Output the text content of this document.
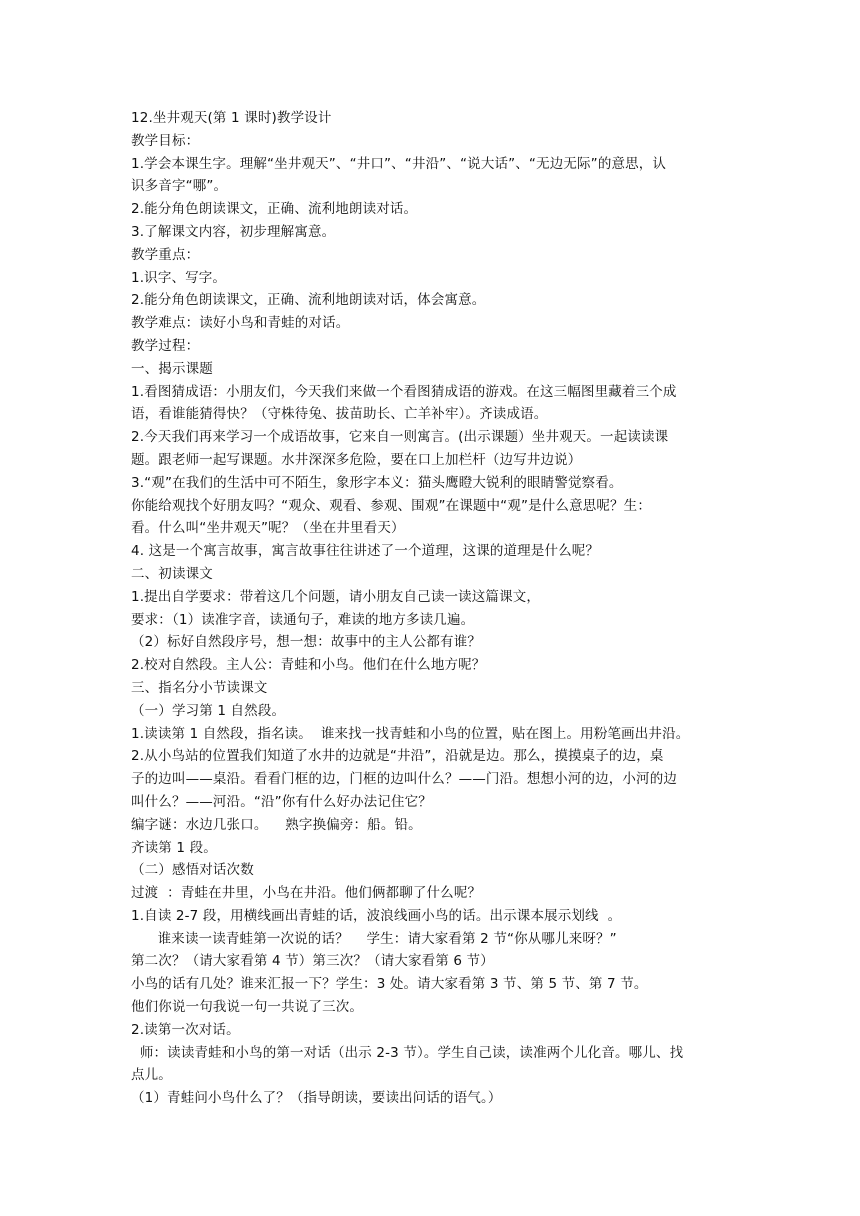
12.坐井观天(第 1 课时)教学设计
教学目标：
1.学会本课生字。理解“坐井观天”、“井口”、“井沿”、“说大话”、“无边无际”的意思，认
识多音字“哪”。
2.能分角色朗读课文，正确、流利地朗读对话。
3.了解课文内容，初步理解寓意。
教学重点：
1.识字、写字。
2.能分角色朗读课文，正确、流利地朗读对话，体会寓意。
教学难点：读好小鸟和青蛙的对话。
教学过程：
一、揭示课题
1.看图猜成语：小朋友们，今天我们来做一个看图猜成语的游戏。在这三幅图里藏着三个成
语，看谁能猜得快？（守株待兔、拔苗助长、亡羊补牢）。齐读成语。
2.今天我们再来学习一个成语故事，它来自一则寓言。(出示课题）坐井观天。一起读读课
题。跟老师一起写课题。水井深深多危险，要在口上加栏杆（边写井边说）
3.“观”在我们的生活中可不陌生，象形字本义：猫头鹰瞪大锐利的眼睛警觉察看。
你能给观找个好朋友吗？“观众、观看、参观、围观”在课题中“观”是什么意思呢？生：
看。什么叫“坐井观天”呢？（坐在井里看天）
4. 这是一个寓言故事，寓言故事往往讲述了一个道理，这课的道理是什么呢？
二、初读课文
1.提出自学要求：带着这几个问题，请小朋友自己读一读这篇课文，
要求：（1）读准字音，读通句子，难读的地方多读几遍。
（2）标好自然段序号，想一想：故事中的主人公都有谁？
2.校对自然段。主人公：青蛙和小鸟。他们在什么地方呢？
三、指名分小节读课文
（一）学习第 1 自然段。
1.读读第 1 自然段，指名读。  谁来找一找青蛙和小鸟的位置，贴在图上。用粉笔画出井沿。
2.从小鸟站的位置我们知道了水井的边就是“井沿”，沿就是边。那么，摸摸桌子的边，桌
子的边叫——桌沿。看看门框的边，门框的边叫什么？——门沿。想想小河的边，小河的边
叫什么？——河沿。“沿”你有什么好办法记住它？
编字谜：水边几张口。    熟字换偏旁：船。铅。
齐读第 1 段。
（二）感悟对话次数
过渡  ：青蛙在井里，小鸟在井沿。他们俩都聊了什么呢？
1.自读 2-7 段，用横线画出青蛙的话，波浪线画小鸟的话。出示课本展示划线  。
谁来读一读青蛙第一次说的话？    学生：请大家看第 2 节“你从哪儿来呀？”
第二次？（请大家看第 4 节）第三次？（请大家看第 6 节）
小鸟的话有几处？谁来汇报一下？学生：3 处。请大家看第 3 节、第 5 节、第 7 节。
他们你说一句我说一句一共说了三次。
2.读第一次对话。
师：读读青蛙和小鸟的第一对话（出示 2-3 节）。学生自己读，读准两个儿化音。哪儿、找
点儿。
（1）青蛙问小鸟什么了？（指导朗读，要读出问话的语气。）
